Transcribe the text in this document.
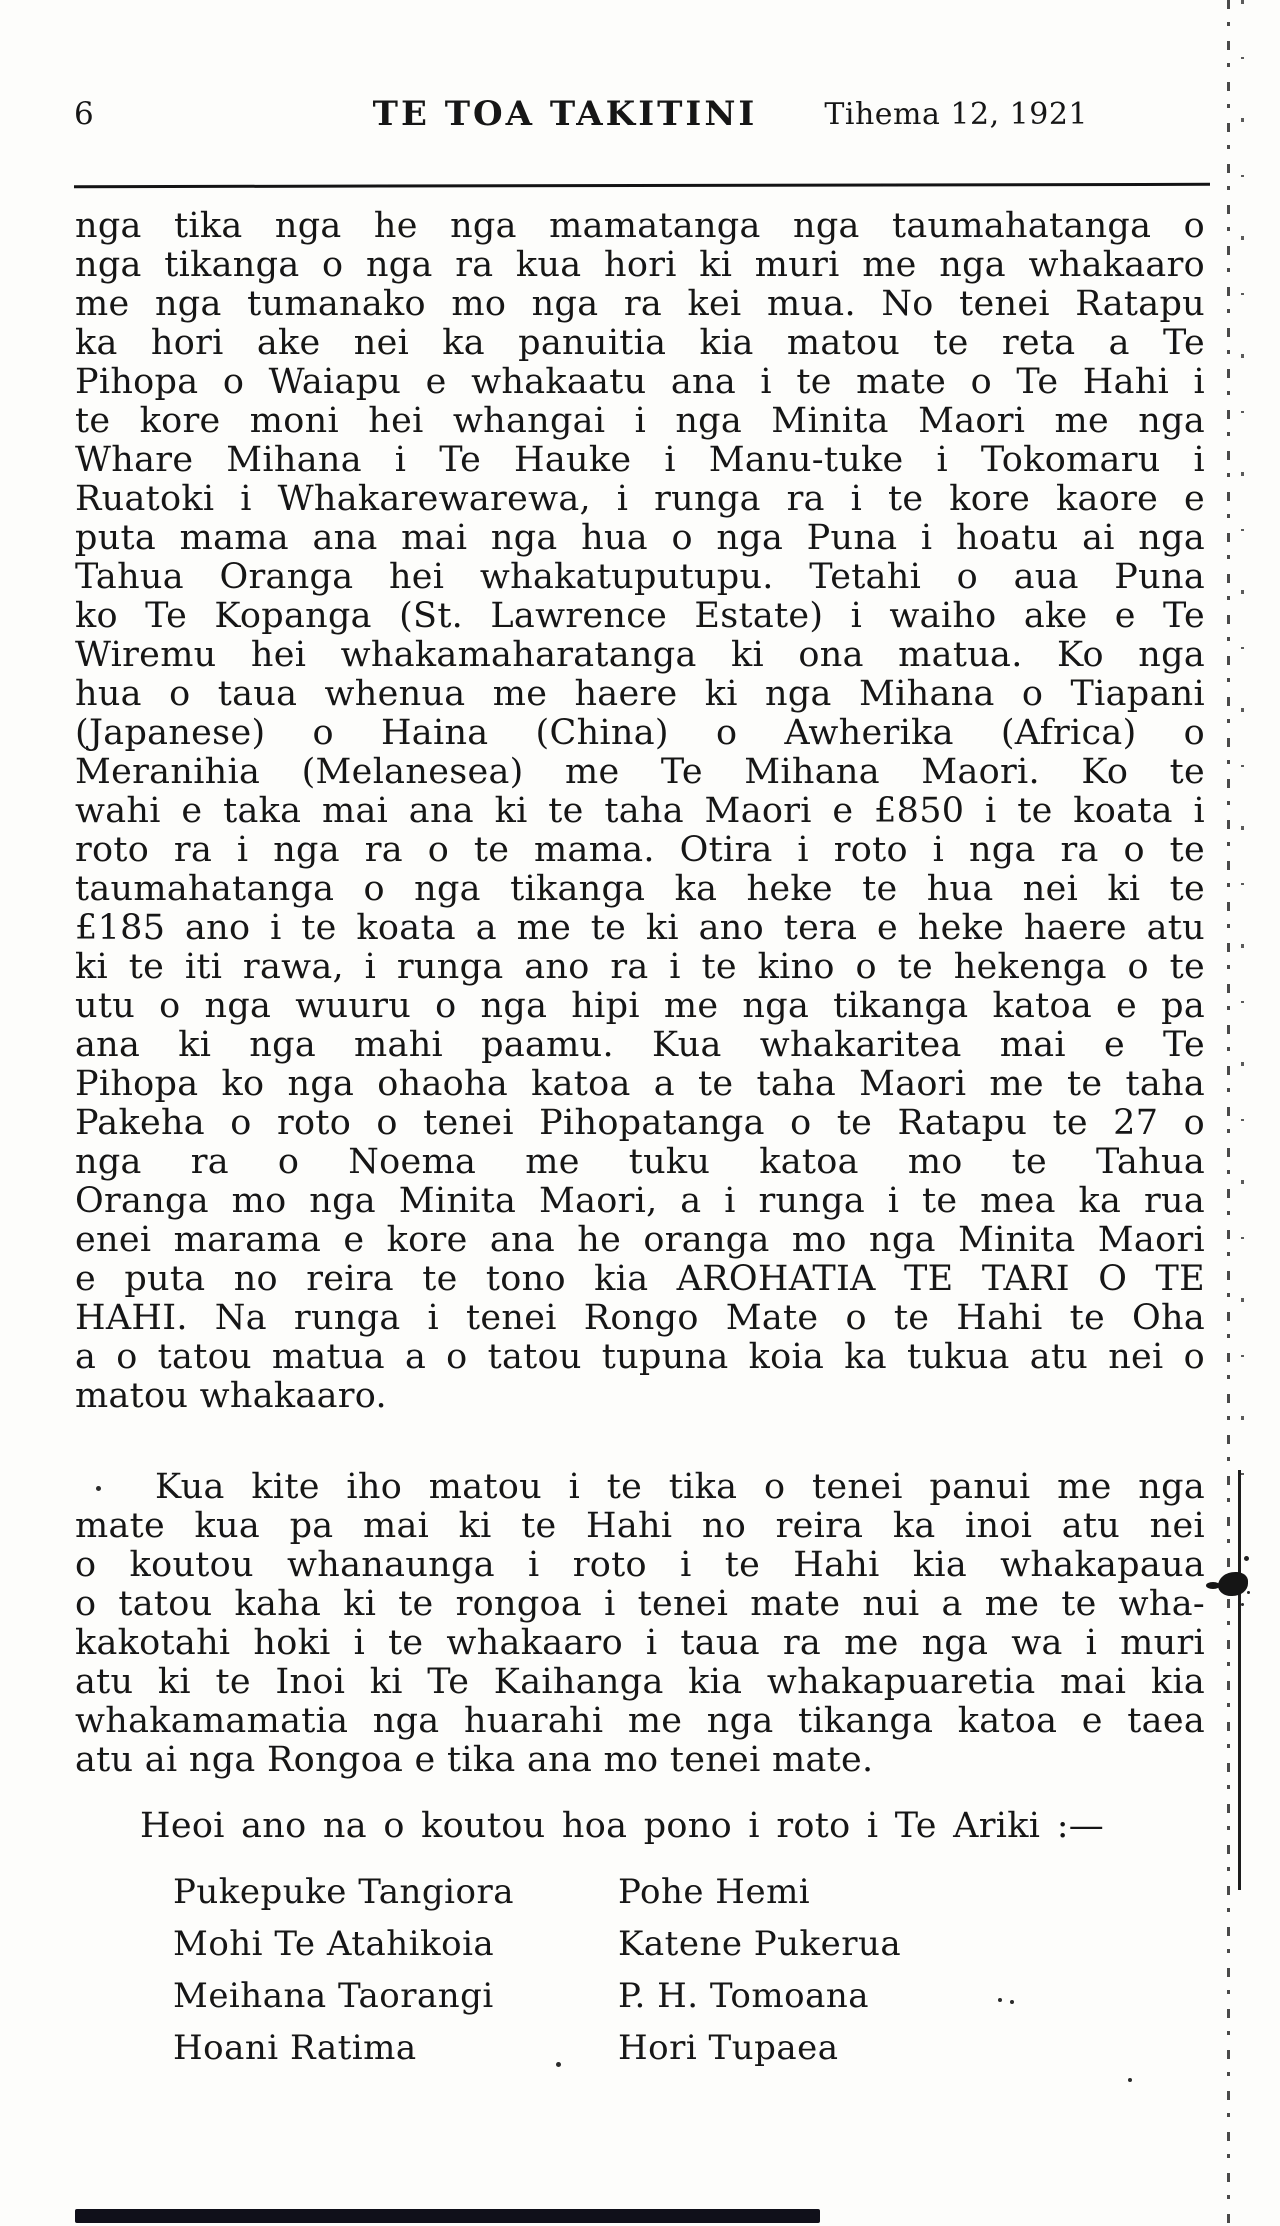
6	TE TOA TAKITINI Tihema 12, 1921
nga tika nga he nga mamatanga nga taumahatanga o
nga tikanga o nga ra kua hori ki muri me nga whakaaro
me nga tumanako mo nga ra kei mua. No tenei Ratapu
ka hori ake nei ka panuitia kia matou te reta a Te
Pihopa o Waiapu e whakaatu ana i te mate o Te Hahi i
te kore moni hei whangai i nga Minita Maori me nga
Whare Mihana i Te Hauke i Manu-tuke i Tokomaru i
Ruatoki i Whakarewarewa, i runga ra i te kore kaore e
puta mama ana mai nga hua o nga Puna i hoatu ai nga
Tahua Oranga hei whakatuputupu. Tetahi o aua Puna
ko Te Kopanga (St. Lawrence Estate) i waiho ake e Te
Wiremu hei whakamaharatanga ki ona matua. Ko nga
hua o taua whenua me haere ki nga Mihana o Tiapani
(Japanese) o Haina (China) o Awherika (Africa) o
Meranihia (Melanesea) me Te Mihana Maori. Ko te
wahi e taka mai ana ki te taha Maori e £850 i te koata i
roto ra i nga ra o te mama. Otira i roto i nga ra o te
taumahatanga o nga tikanga ka heke te hua nei ki te
£185 ano i te koata a me te ki ano tera e heke haere atu
ki te iti rawa, i runga ano ra i te kino o te hekenga o te
utu o nga wuuru o nga hipi me nga tikanga katoa e pa
ana ki nga mahi paamu. Kua whakaritea mai e Te
Pihopa ko nga ohaoha katoa a te taha Maori me te taha
Pakeha o roto o tenei Pihopatanga o te Ratapu te 27 o
nga ra o Noema me tuku katoa mo te Tahua
Oranga mo nga Minita Maori, a i runga i te mea ka rua
enei marama e kore ana he oranga mo nga Minita Maori
e puta no reira te tono kia AROHATIA TE TARI O TE
HAHI. Na runga i tenei Rongo Mate o te Hahi te Oha
a o tatou matua a o tatou tupuna koia ka tukua atu nei o
matou whakaaro.
Kua kite iho matou i te tika o tenei panui me nga
mate kua pa mai ki te Hahi no reira ka inoi atu nei
o koutou whanaunga i roto i te Hahi kia whakapaua
o tatou kaha ki te rongoa i tenei mate nui a me te wha-
kakotahi hoki i te whakaaro i taua ra me nga wa i muri
atu ki te Inoi ki Te Kaihanga kia whakapuaretia mai kia
whakamamatia nga huarahi me nga tikanga katoa e taea
atu ai nga Rongoa e tika ana mo tenei mate.
Heoi ano na o koutou hoa pono i roto i Te Ariki :—
Pukepuke Tangiora
Mohi Te Atahikoia
Meihana Taorangi
Hoani Ratima
Pohe Hemi
Katene Pukerua
P. H. Tomoana
Hori Tupaea
